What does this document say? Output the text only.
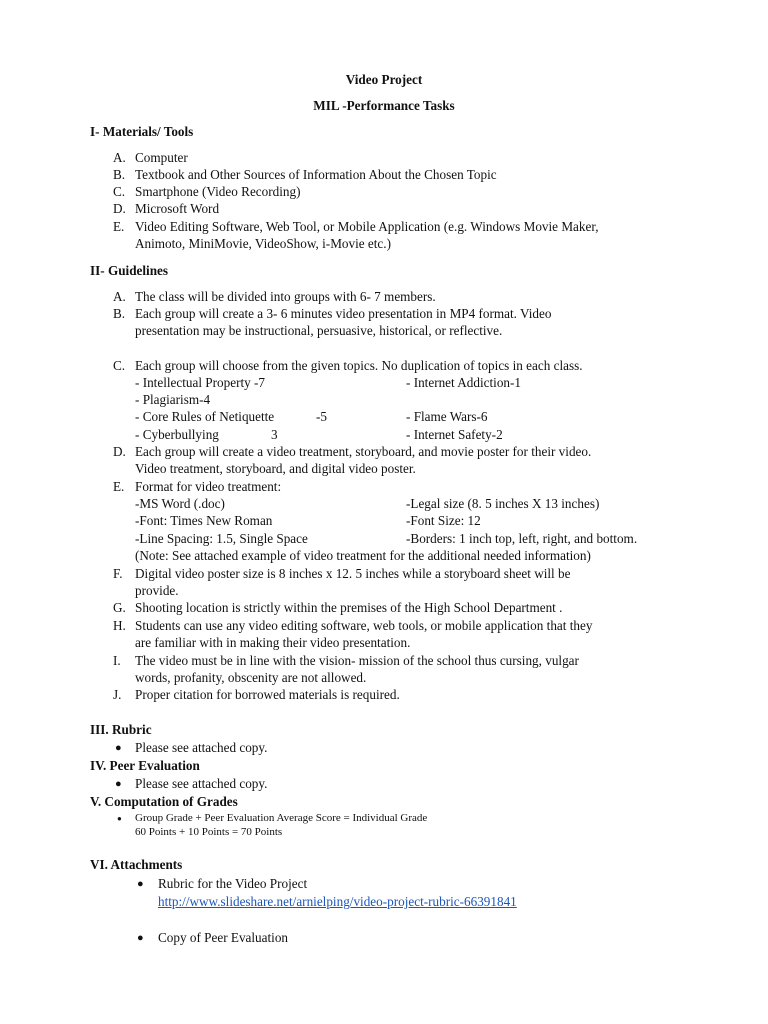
Video Project
MIL -Performance Tasks
I- Materials/ Tools
A. Computer
B. Textbook and Other Sources of Information About the Chosen Topic
C. Smartphone (Video Recording)
D. Microsoft Word
E. Video Editing Software, Web Tool, or Mobile Application (e.g. Windows Movie Maker,
Animoto, MiniMovie, VideoShow, i-Movie etc.)
II- Guidelines
A. The class will be divided into groups with 6- 7 members.
B. Each group will create a 3- 6 minutes video presentation in MP4 format. Video
presentation may be instructional, persuasive, historical, or reflective.
C. Each group will choose from the given topics. No duplication of topics in each class.
- Intellectual Property -7	- Internet Addiction-1
- Plagiarism-4
- Core Rules of Netiquette	-5	- Flame Wars-6
- Cyberbullying	3	- Internet Safety-2
D. Each group will create a video treatment, storyboard, and movie poster for their video.
Video treatment, storyboard, and digital video poster.
E. Format for video treatment:
-MS Word (.doc)	-Legal size (8. 5 inches X 13 inches)
-Font: Times New Roman	-Font Size: 12
-Line Spacing: 1.5, Single Space	-Borders: 1 inch top, left, right, and bottom.
(Note: See attached example of video treatment for the additional needed information)
F. Digital video poster size is 8 inches x 12. 5 inches while a storyboard sheet will be
provide.
G. Shooting location is strictly within the premises of the High School Department .
H. Students can use any video editing software, web tools, or mobile application that they
are familiar with in making their video presentation.
I. The video must be in line with the vision- mission of the school thus cursing, vulgar
words, profanity, obscenity are not allowed.
J. Proper citation for borrowed materials is required.
III. Rubric
● Please see attached copy.
IV. Peer Evaluation
● Please see attached copy.
V. Computation of Grades
● Group Grade + Peer Evaluation Average Score = Individual Grade
60 Points + 10 Points = 70 Points
VI. Attachments
● Rubric for the Video Project
http://www.slideshare.net/arnielping/video-project-rubric-66391841
● Copy of Peer Evaluation
